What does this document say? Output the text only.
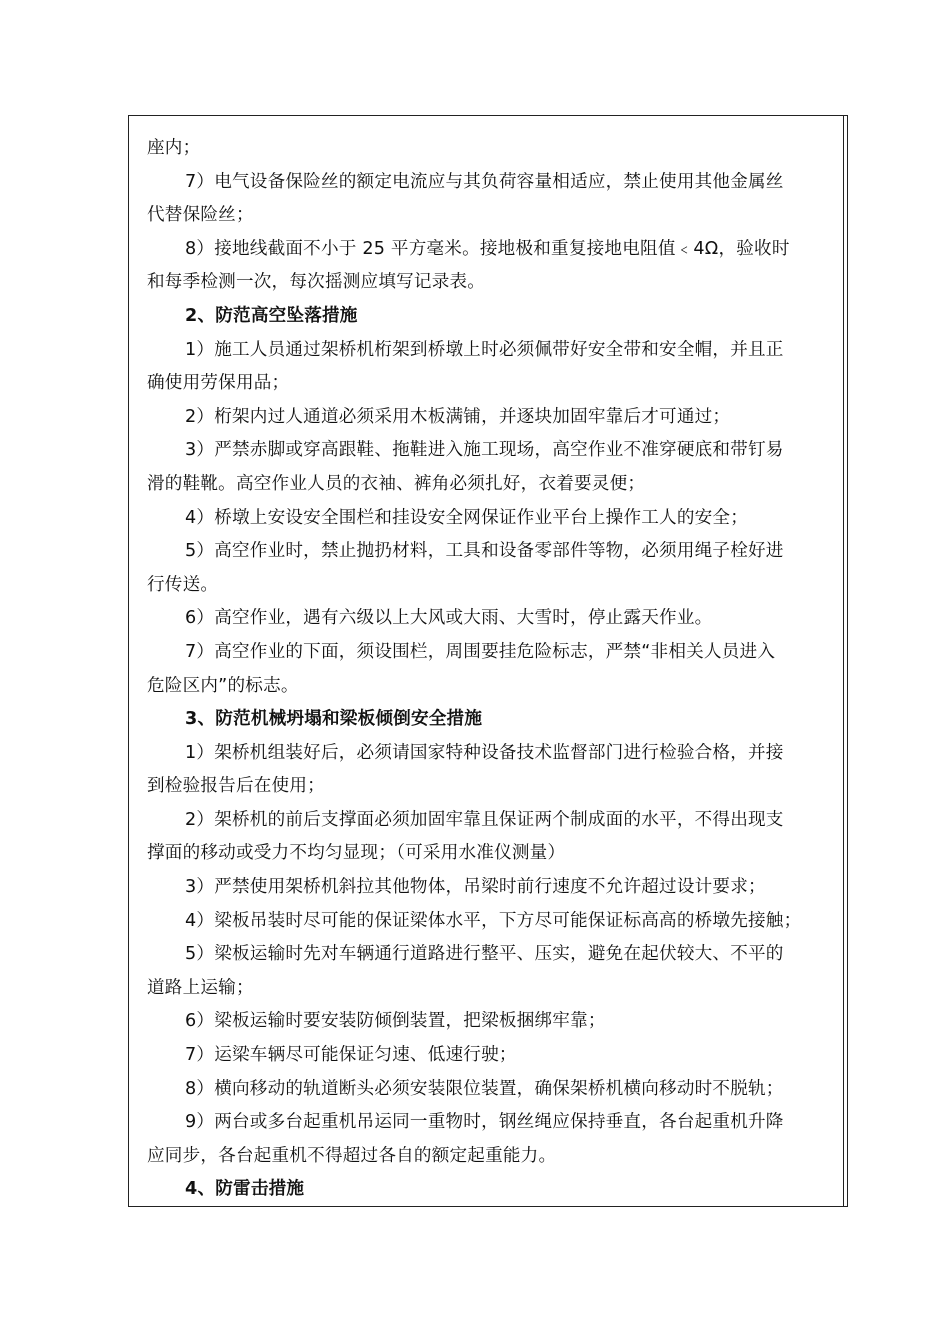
座内；
7）电气设备保险丝的额定电流应与其负荷容量相适应，禁止使用其他金属丝
代替保险丝；
8）接地线截面不小于 25 平方毫米。接地极和重复接地电阻值﹤4Ω，验收时
和每季检测一次，每次摇测应填写记录表。
2、防范高空坠落措施
1）施工人员通过架桥机桁架到桥墩上时必须佩带好安全带和安全帽，并且正
确使用劳保用品；
2）桁架内过人通道必须采用木板满铺，并逐块加固牢靠后才可通过；
3）严禁赤脚或穿高跟鞋、拖鞋进入施工现场，高空作业不准穿硬底和带钉易
滑的鞋靴。高空作业人员的衣袖、裤角必须扎好，衣着要灵便；
4）桥墩上安设安全围栏和挂设安全网保证作业平台上操作工人的安全；
5）高空作业时，禁止抛扔材料，工具和设备零部件等物，必须用绳子栓好进
行传送。
6）高空作业，遇有六级以上大风或大雨、大雪时，停止露天作业。
7）高空作业的下面，须设围栏，周围要挂危险标志，严禁“非相关人员进入
危险区内”的标志。
3、防范机械坍塌和梁板倾倒安全措施
1）架桥机组装好后，必须请国家特种设备技术监督部门进行检验合格，并接
到检验报告后在使用；
2）架桥机的前后支撑面必须加固牢靠且保证两个制成面的水平，不得出现支
撑面的移动或受力不均匀显现；（可采用水准仪测量）
3）严禁使用架桥机斜拉其他物体，吊梁时前行速度不允许超过设计要求；
4）梁板吊装时尽可能的保证梁体水平，下方尽可能保证标高高的桥墩先接触；
5）梁板运输时先对车辆通行道路进行整平、压实，避免在起伏较大、不平的
道路上运输；
6）梁板运输时要安装防倾倒装置，把梁板捆绑牢靠；
7）运梁车辆尽可能保证匀速、低速行驶；
8）横向移动的轨道断头必须安装限位装置，确保架桥机横向移动时不脱轨；
9）两台或多台起重机吊运同一重物时，钢丝绳应保持垂直，各台起重机升降
应同步，各台起重机不得超过各自的额定起重能力。
4、防雷击措施
